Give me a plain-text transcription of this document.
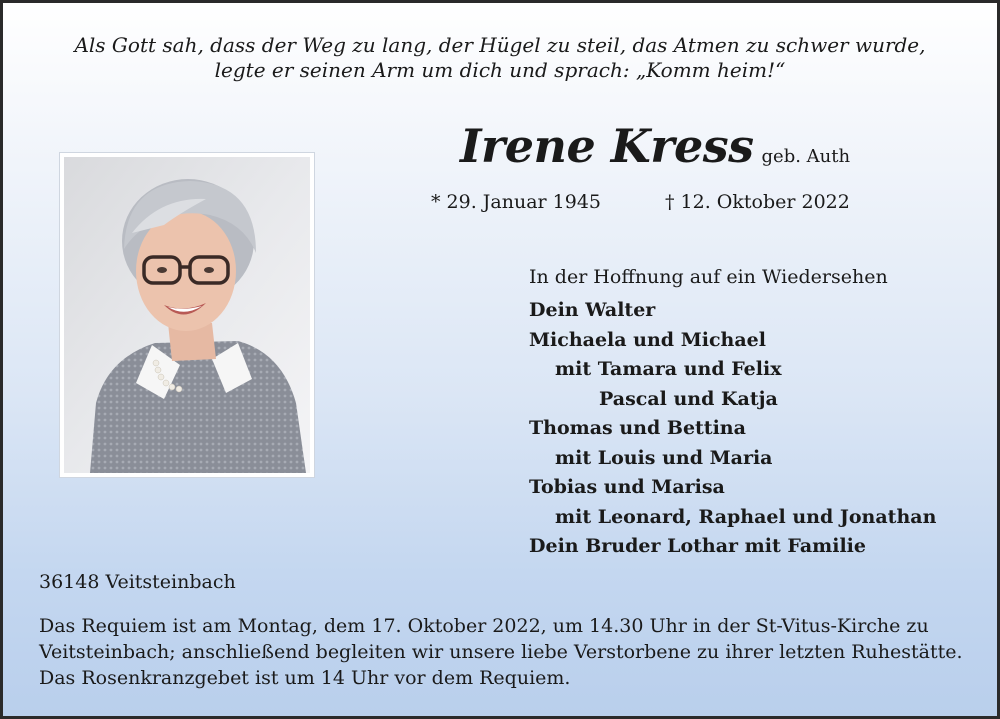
Als Gott sah, dass der Weg zu lang, der Hügel zu steil, das Atmen zu schwer wurde,
legte er seinen Arm um dich und sprach: „Komm heim!“
Irene Kress geb. Auth
* 29. Januar 1945	† 12. Oktober 2022
In der Hoffnung auf ein Wiedersehen
Dein Walter
Michaela und Michael
mit Tamara und Felix
Pascal und Katja
Thomas und Bettina
mit Louis und Maria
Tobias und Marisa
mit Leonard, Raphael und Jonathan
Dein Bruder Lothar mit Familie
36148 Veitsteinbach
Das Requiem ist am Montag, dem 17. Oktober 2022, um 14.30 Uhr in der St-Vitus-Kirche zu
Veitsteinbach; anschließend begleiten wir unsere liebe Verstorbene zu ihrer letzten Ruhestätte.
Das Rosenkranzgebet ist um 14 Uhr vor dem Requiem.
